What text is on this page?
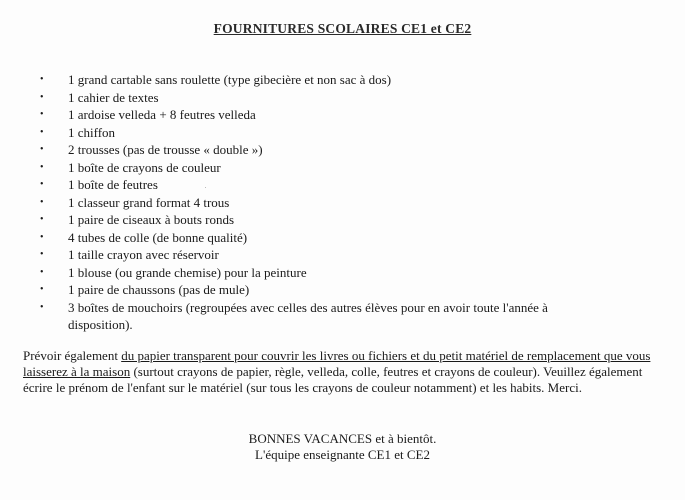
FOURNITURES SCOLAIRES CE1 et CE2
• 1 grand cartable sans roulette (type gibecière et non sac à dos)
• 1 cahier de textes
• 1 ardoise velleda + 8 feutres velleda
• 1 chiffon
• 2 trousses (pas de trousse « double »)
• 1 boîte de crayons de couleur
• 1 boîte de feutres
• 1 classeur grand format 4 trous
• 1 paire de ciseaux à bouts ronds
• 4 tubes de colle (de bonne qualité)
• 1 taille crayon avec réservoir
• 1 blouse (ou grande chemise) pour la peinture
• 1 paire de chaussons (pas de mule)
• 3 boîtes de mouchoirs (regroupées avec celles des autres élèves pour en avoir toute l'année à disposition).
Prévoir également du papier transparent pour couvrir les livres ou fichiers et du petit matériel de remplacement que vous laisserez à la maison (surtout crayons de papier, règle, velleda, colle, feutres et crayons de couleur). Veuillez également écrire le prénom de l'enfant sur le matériel (sur tous les crayons de couleur notamment) et les habits. Merci.
BONNES VACANCES et à bientôt.
L'équipe enseignante CE1 et CE2
